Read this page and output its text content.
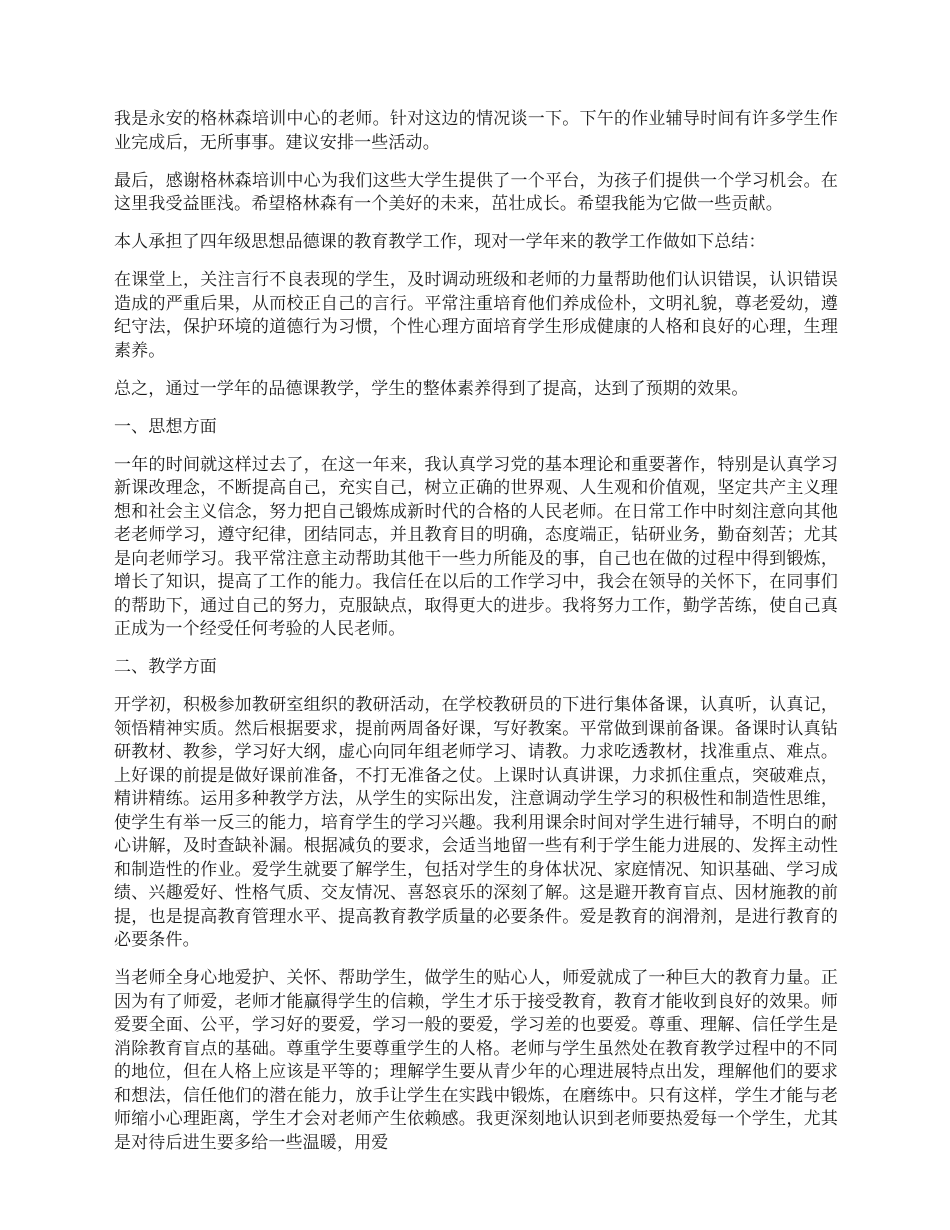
我是永安的格林森培训中心的老师。针对这边的情况谈一下。下午的作业辅导时间有许多学生作业完成后，无所事事。建议安排一些活动。

最后，感谢格林森培训中心为我们这些大学生提供了一个平台，为孩子们提供一个学习机会。在这里我受益匪浅。希望格林森有一个美好的未来，茁壮成长。希望我能为它做一些贡献。

本人承担了四年级思想品德课的教育教学工作，现对一学年来的教学工作做如下总结：

在课堂上，关注言行不良表现的学生，及时调动班级和老师的力量帮助他们认识错误，认识错误造成的严重后果，从而校正自己的言行。平常注重培育他们养成俭朴，文明礼貌，尊老爱幼，遵纪守法，保护环境的道德行为习惯，个性心理方面培育学生形成健康的人格和良好的心理，生理素养。

总之，通过一学年的品德课教学，学生的整体素养得到了提高，达到了预期的效果。

一、思想方面

一年的时间就这样过去了，在这一年来，我认真学习党的基本理论和重要著作，特别是认真学习新课改理念，不断提高自己，充实自己，树立正确的世界观、人生观和价值观，坚定共产主义理想和社会主义信念，努力把自己锻炼成新时代的合格的人民老师。在日常工作中时刻注意向其他老老师学习，遵守纪律，团结同志，并且教育目的明确，态度端正，钻研业务，勤奋刻苦；尤其是向老师学习。我平常注意主动帮助其他干一些力所能及的事，自己也在做的过程中得到锻炼，增长了知识，提高了工作的能力。我信任在以后的工作学习中，我会在领导的关怀下，在同事们的帮助下，通过自己的努力，克服缺点，取得更大的进步。我将努力工作，勤学苦练，使自己真正成为一个经受任何考验的人民老师。

二、教学方面

开学初，积极参加教研室组织的教研活动，在学校教研员的下进行集体备课，认真听，认真记，领悟精神实质。然后根据要求，提前两周备好课，写好教案。平常做到课前备课。备课时认真钻研教材、教参，学习好大纲，虚心向同年组老师学习、请教。力求吃透教材，找准重点、难点。上好课的前提是做好课前准备，不打无准备之仗。上课时认真讲课，力求抓住重点，突破难点，精讲精练。运用多种教学方法，从学生的实际出发，注意调动学生学习的积极性和制造性思维，使学生有举一反三的能力，培育学生的学习兴趣。我利用课余时间对学生进行辅导，不明白的耐心讲解，及时查缺补漏。根据减负的要求，会适当地留一些有利于学生能力进展的、发挥主动性和制造性的作业。爱学生就要了解学生，包括对学生的身体状况、家庭情况、知识基础、学习成绩、兴趣爱好、性格气质、交友情况、喜怒哀乐的深刻了解。这是避开教育盲点、因材施教的前提，也是提高教育管理水平、提高教育教学质量的必要条件。爱是教育的润滑剂，是进行教育的必要条件。

当老师全身心地爱护、关怀、帮助学生，做学生的贴心人，师爱就成了一种巨大的教育力量。正因为有了师爱，老师才能赢得学生的信赖，学生才乐于接受教育，教育才能收到良好的效果。师爱要全面、公平，学习好的要爱，学习一般的要爱，学习差的也要爱。尊重、理解、信任学生是消除教育盲点的基础。尊重学生要尊重学生的人格。老师与学生虽然处在教育教学过程中的不同的地位，但在人格上应该是平等的；理解学生要从青少年的心理进展特点出发，理解他们的要求和想法，信任他们的潜在能力，放手让学生在实践中锻炼，在磨练中。只有这样，学生才能与老师缩小心理距离，学生才会对老师产生依赖感。我更深刻地认识到老师要热爱每一个学生，尤其是对待后进生要多给一些温暖，用爱
